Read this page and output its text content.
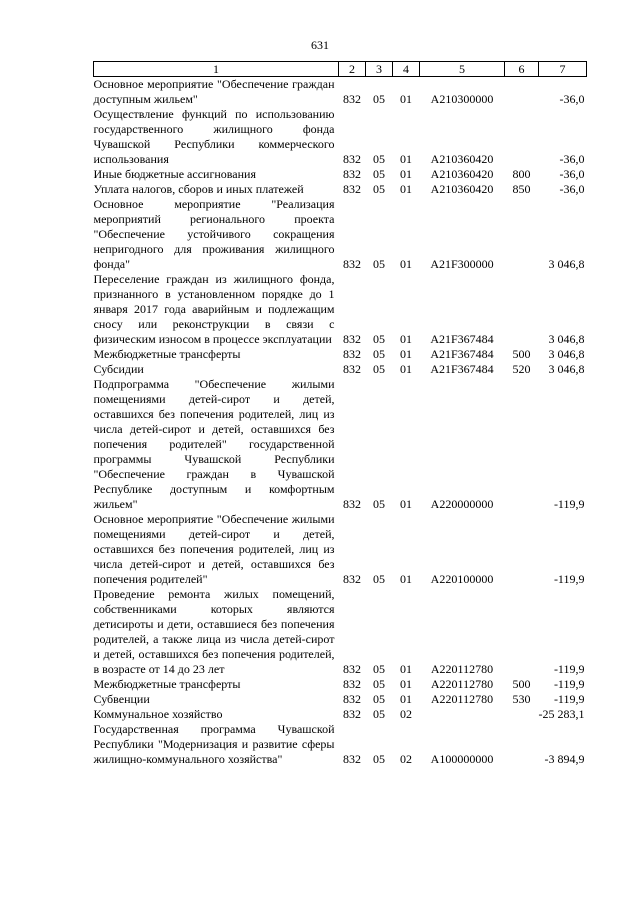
631
1	2	3	4	5	6	7
Основное мероприятие "Обеспечение граждан доступным жильем"	832	05	01	А210300000		-36,0
Осуществление функций по использованию государственного жилищного фонда Чувашской Республики коммерческого использования	832	05	01	А210360420		-36,0
Иные бюджетные ассигнования	832	05	01	А210360420	800	-36,0
Уплата налогов, сборов и иных платежей	832	05	01	А210360420	850	-36,0
Основное мероприятие "Реализация мероприятий регионального проекта "Обеспечение устойчивого сокращения непригодного для проживания жилищного фонда"	832	05	01	А21F300000		3 046,8
Переселение граждан из жилищного фонда, признанного в установленном порядке до 1 января 2017 года аварийным и подлежащим сносу или реконструкции в связи с физическим износом в процессе эксплуатации	832	05	01	А21F367484		3 046,8
Межбюджетные трансферты	832	05	01	А21F367484	500	3 046,8
Субсидии	832	05	01	А21F367484	520	3 046,8
Подпрограмма "Обеспечение жилыми помещениями детей-сирот и детей, оставшихся без попечения родителей, лиц из числа детей-сирот и детей, оставшихся без попечения родителей" государственной программы Чувашской Республики "Обеспечение граждан в Чувашской Республике доступным и комфортным жильем"	832	05	01	А220000000		-119,9
Основное мероприятие "Обеспечение жилыми помещениями детей-сирот и детей, оставшихся без попечения родителей, лиц из числа детей-сирот и детей, оставшихся без попечения родителей"	832	05	01	А220100000		-119,9
Проведение ремонта жилых помещений, собственниками которых являются детисироты и дети, оставшиеся без попечения родителей, а также лица из числа детей-сирот и детей, оставшихся без попечения родителей, в возрасте от 14 до 23 лет	832	05	01	А220112780		-119,9
Межбюджетные трансферты	832	05	01	А220112780	500	-119,9
Субвенции	832	05	01	А220112780	530	-119,9
Коммунальное хозяйство	832	05	02			-25 283,1
Государственная программа Чувашской Республики "Модернизация и развитие сферы жилищно-коммунального хозяйства"	832	05	02	А100000000		-3 894,9
